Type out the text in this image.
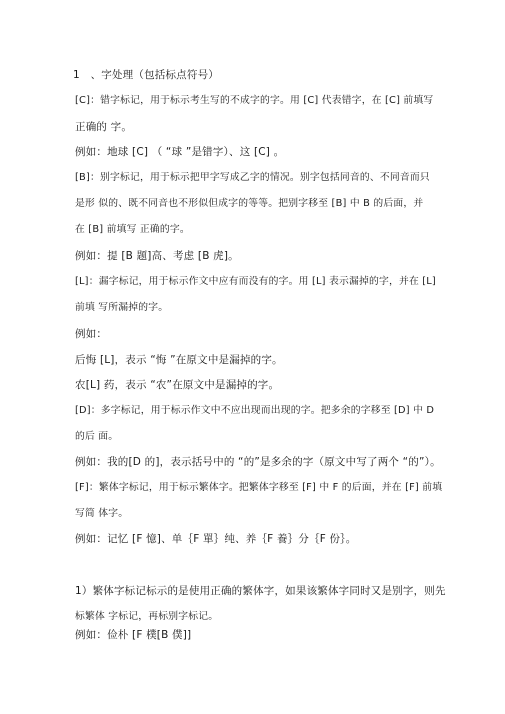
1　、字处理（包括标点符号）
[C]：错字标记，用于标示考生写的不成字的字。用 [C] 代表错字，在 [C] 前填写
正确的 字。
例如：地球 [C] （ “球 ”是错字）、这 [C] 。
[B]：别字标记，用于标示把甲字写成乙字的情况。别字包括同音的、不同音而只
是形 似的、既不同音也不形似但成字的等等。把别字移至 [B] 中 B 的后面，并
在 [B] 前填写 正确的字。
例如：提 [B 题]高、考虑 [B 虎]。
[L]：漏字标记，用于标示作文中应有而没有的字。用 [L] 表示漏掉的字，并在 [L]
前填 写所漏掉的字。
例如：
后悔 [L]，表示 “悔 ”在原文中是漏掉的字。
农[L] 药，表示 “农”在原文中是漏掉的字。
[D]：多字标记，用于标示作文中不应出现而出现的字。把多余的字移至 [D] 中 D
的后 面。
例如：我的[D 的]，表示括号中的 “的”是多余的字（原文中写了两个 “的”）。
[F]：繁体字标记，用于标示繁体字。把繁体字移至 [F] 中 F 的后面，并在 [F] 前填
写简 体字。
例如：记忆 [F 憶]、单｛F 單｝纯、养｛F 養｝分｛F 份｝。
1）繁体字标记标示的是使用正确的繁体字，如果该繁体字同时又是别字，则先
标繁体 字标记，再标别字标记。
例如：俭朴 [F 樸[B 僕]]
